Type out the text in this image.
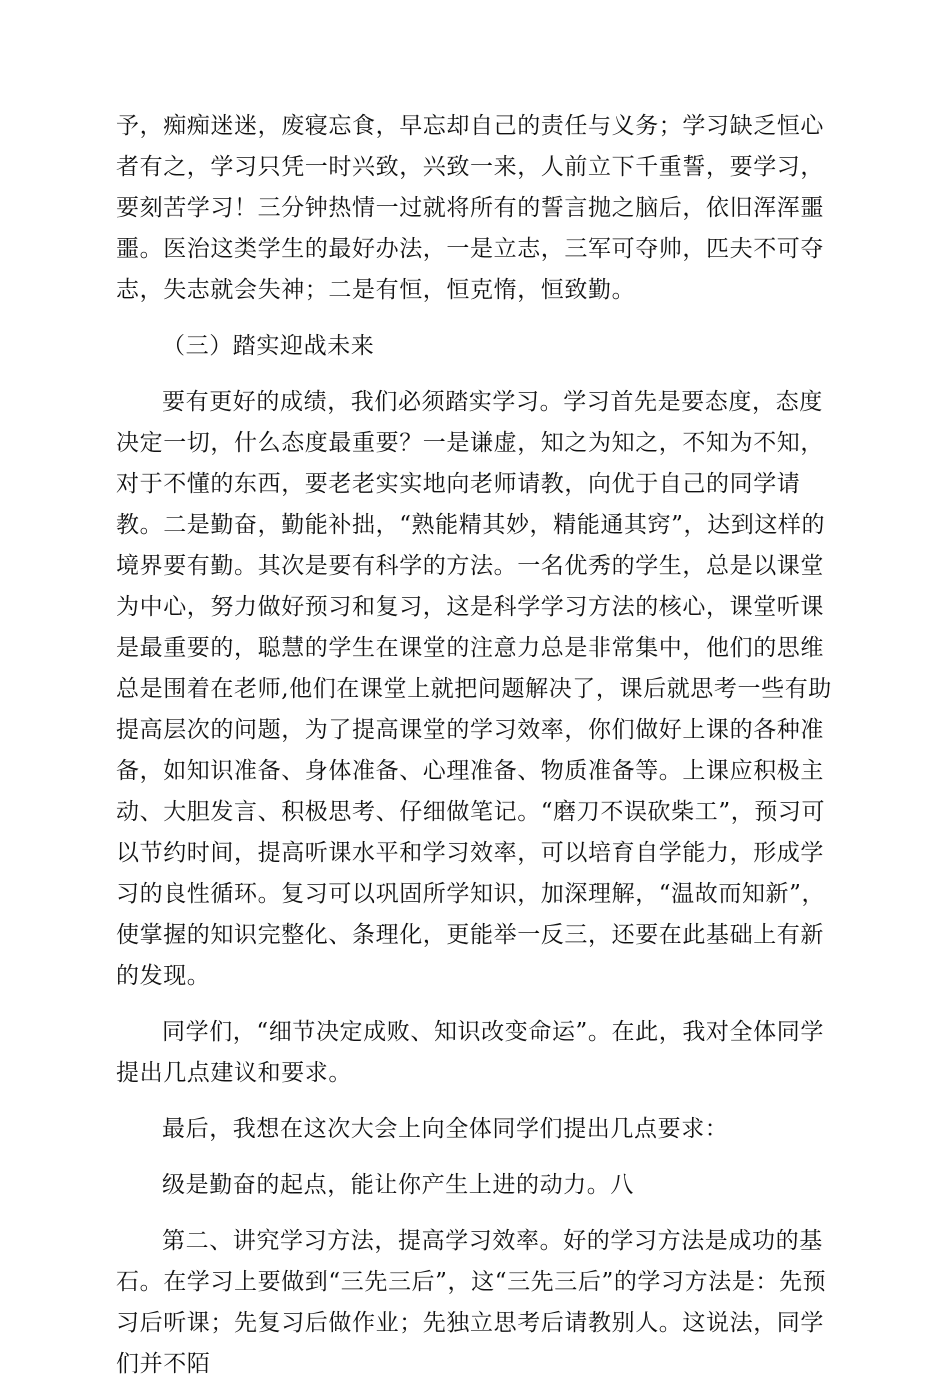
予，痴痴迷迷，废寝忘食，早忘却自己的责任与义务；学习缺乏恒心者有之，学习只凭一时兴致，兴致一来，人前立下千重誓，要学习，要刻苦学习！三分钟热情一过就将所有的誓言抛之脑后，依旧浑浑噩噩。医治这类学生的最好办法，一是立志，三军可夺帅，匹夫不可夺志，失志就会失神；二是有恒，恒克惰，恒致勤。

（三）踏实迎战未来

要有更好的成绩，我们必须踏实学习。学习首先是要态度，态度决定一切，什么态度最重要？一是谦虚，知之为知之，不知为不知，对于不懂的东西，要老老实实地向老师请教，向优于自己的同学请教。二是勤奋，勤能补拙，“熟能精其妙，精能通其窍”，达到这样的境界要有勤。其次是要有科学的方法。一名优秀的学生，总是以课堂为中心，努力做好预习和复习，这是科学学习方法的核心，课堂听课是最重要的，聪慧的学生在课堂的注意力总是非常集中，他们的思维总是围着在老师,他们在课堂上就把问题解决了，课后就思考一些有助提高层次的问题，为了提高课堂的学习效率，你们做好上课的各种准备，如知识准备、身体准备、心理准备、物质准备等。上课应积极主动、大胆发言、积极思考、仔细做笔记。“磨刀不误砍柴工”，预习可以节约时间，提高听课水平和学习效率，可以培育自学能力，形成学习的良性循环。复习可以巩固所学知识，加深理解，“温故而知新”，使掌握的知识完整化、条理化，更能举一反三，还要在此基础上有新的发现。

同学们，“细节决定成败、知识改变命运”。在此，我对全体同学提出几点建议和要求。

最后，我想在这次大会上向全体同学们提出几点要求：

级是勤奋的起点，能让你产生上进的动力。八

第二、讲究学习方法，提高学习效率。好的学习方法是成功的基石。在学习上要做到“三先三后”，这“三先三后”的学习方法是：先预习后听课；先复习后做作业；先独立思考后请教别人。这说法，同学们并不陌
